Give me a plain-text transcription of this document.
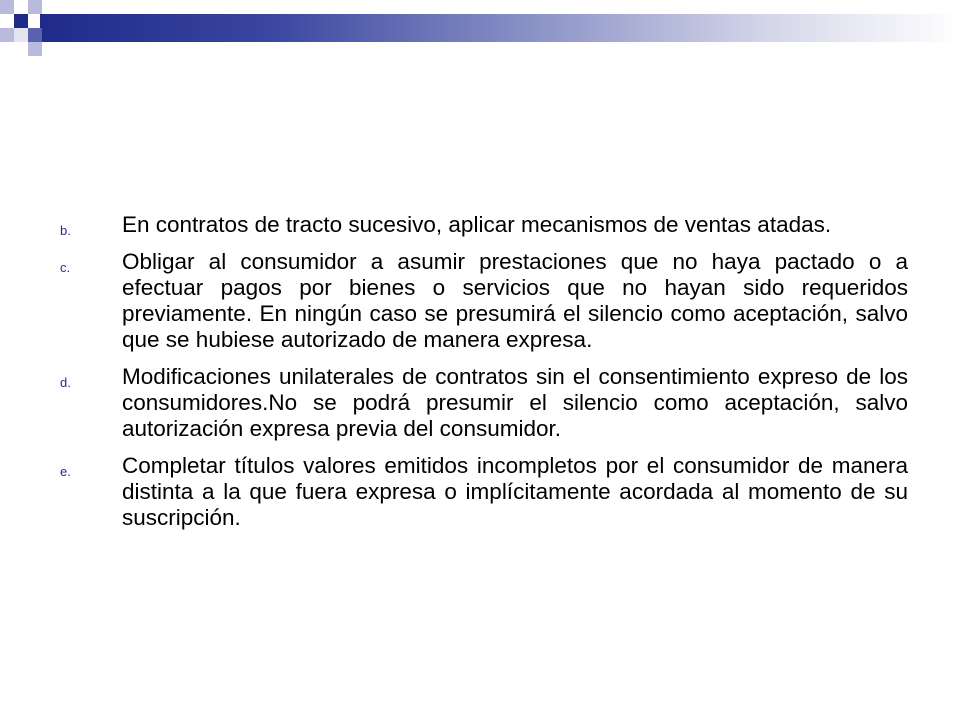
b.	En contratos de tracto sucesivo, aplicar mecanismos de ventas atadas.
c.	Obligar al consumidor a asumir prestaciones que no haya pactado o a efectuar pagos por bienes o servicios que no hayan sido requeridos previamente. En ningún caso se presumirá el silencio como aceptación, salvo que se hubiese autorizado de manera expresa.
d.	Modificaciones unilaterales de contratos sin el consentimiento expreso de los consumidores.No se podrá presumir el silencio como aceptación, salvo autorización expresa previa del consumidor.
e.	Completar títulos valores emitidos incompletos por el consumidor de manera distinta a la que fuera expresa o implícitamente acordada al momento de su suscripción.
